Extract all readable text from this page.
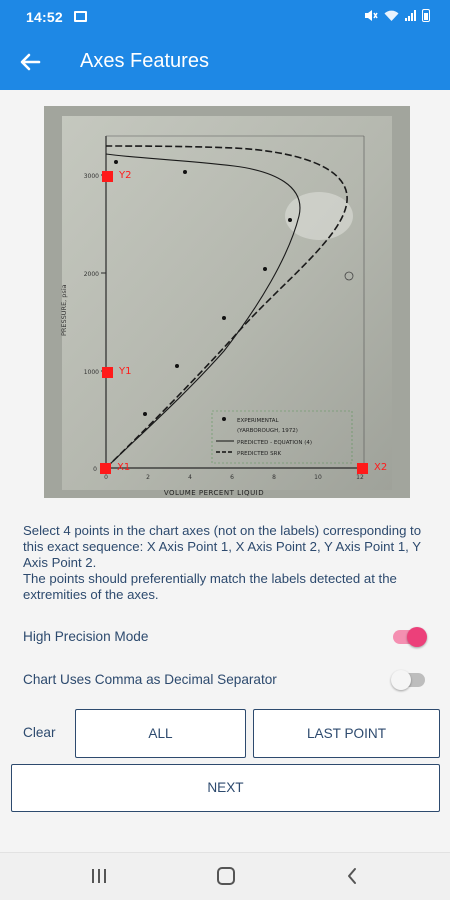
14:52
Axes Features
3000
2000
1000
0
PRESSURE, psia
0	2	4	6	8	10	12
VOLUME PERCENT LIQUID
EXPERIMENTAL
(YARBOROUGH, 1972)
PREDICTED - EQUATION (4)
PREDICTED SRK
Y2
Y1
X1	X2
Select 4 points in the chart axes (not on the labels) corresponding to this exact sequence: X Axis Point 1, X Axis Point 2, Y Axis Point 1, Y Axis Point 2.
The points should preferentially match the labels detected at the extremities of the axes.
High Precision Mode
Chart Uses Comma as Decimal Separator
Clear	ALL	LAST POINT
NEXT
